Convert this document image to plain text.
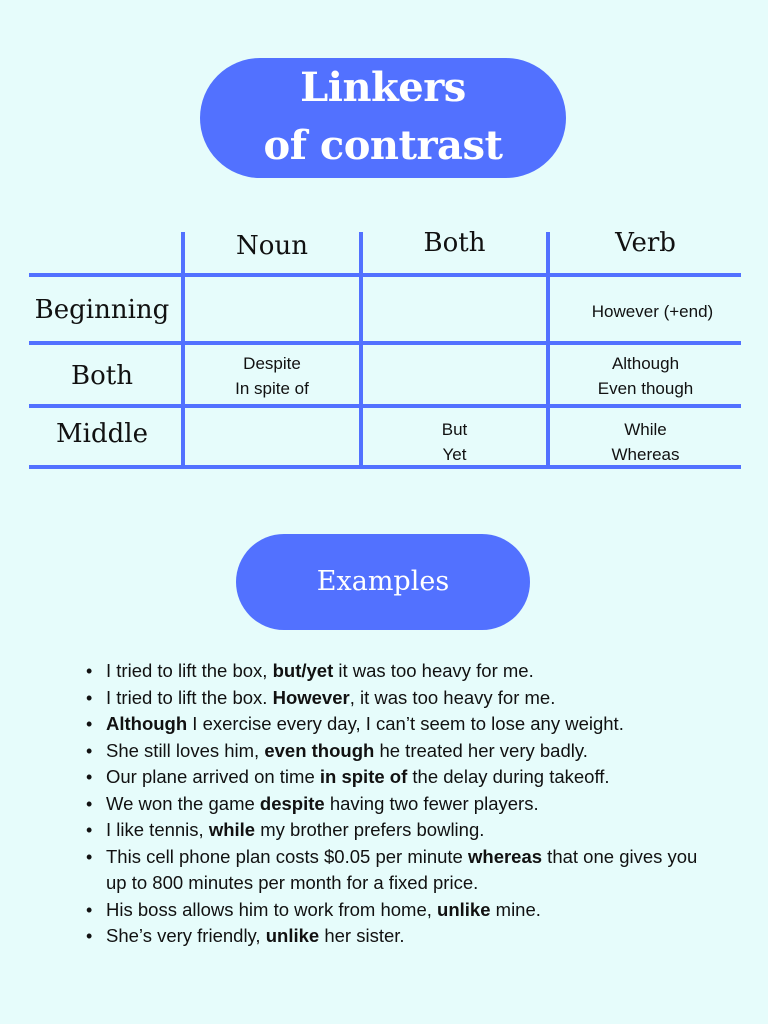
Linkers
of contrast
Noun	Both	Verb
Beginning
Both
Middle
However (+end)
Despite
In spite of
Although
Even though
But
Yet
While
Whereas
Examples
• I tried to lift the box, but/yet it was too heavy for me.
• I tried to lift the box. However, it was too heavy for me.
• Although I exercise every day, I can’t seem to lose any weight.
• She still loves him, even though he treated her very badly.
• Our plane arrived on time in spite of the delay during takeoff.
• We won the game despite having two fewer players.
• I like tennis, while my brother prefers bowling.
• This cell phone plan costs $0.05 per minute whereas that one gives you up to 800 minutes per month for a fixed price.
• His boss allows him to work from home, unlike mine.
• She’s very friendly, unlike her sister.
